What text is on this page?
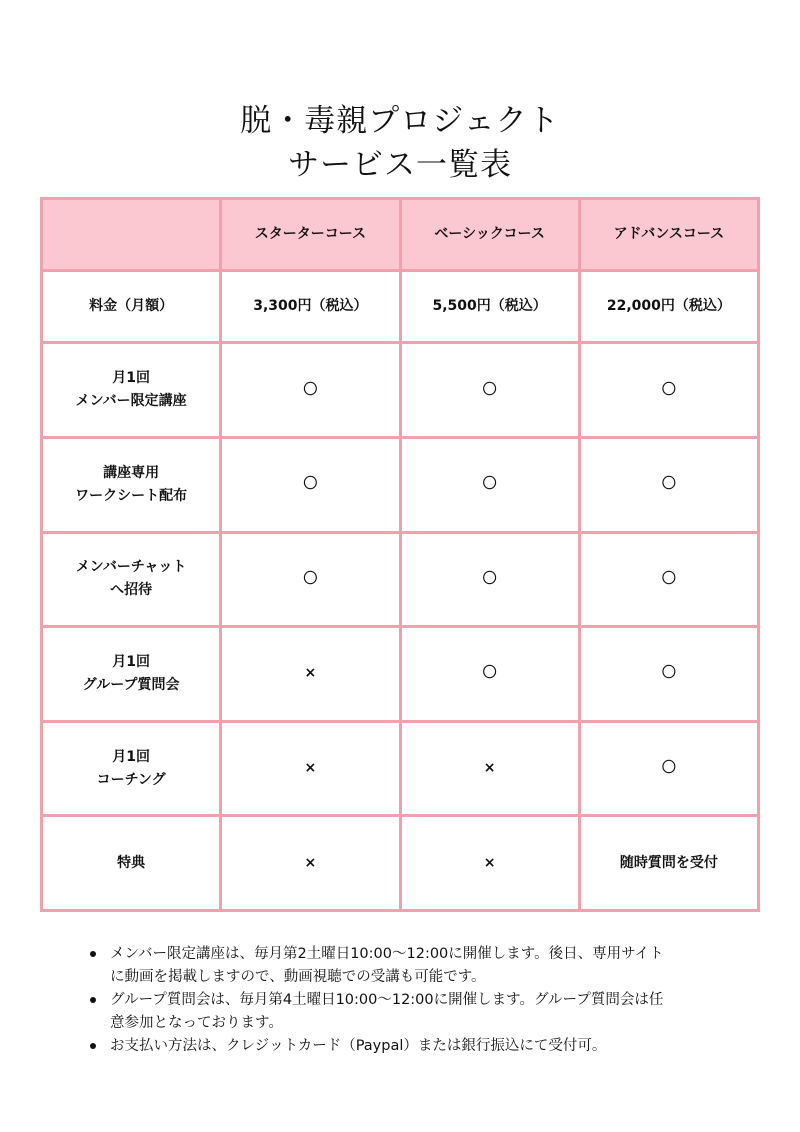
脱・毒親プロジェクト
サービス一覧表
	スターターコース	ベーシックコース	アドバンスコース
料金（月額）	3,300円（税込）	5,500円（税込）	22,000円（税込）

月1回
メンバー限定講座	〇	〇	〇

講座専用
ワークシート配布	〇	〇	〇

メンバーチャット
へ招待	〇	〇	〇

月1回
グループ質問会	×	〇	〇

月1回
コーチング	×	×	〇

特典	×	×	随時質問を受付
メンバー限定講座は、毎月第2土曜日10:00〜12:00に開催します。後日、専用サイト
に動画を掲載しますので、動画視聴での受講も可能です。
グループ質問会は、毎月第4土曜日10:00〜12:00に開催します。グループ質問会は任
意参加となっております。
お支払い方法は、クレジットカード（Paypal）または銀行振込にて受付可。
